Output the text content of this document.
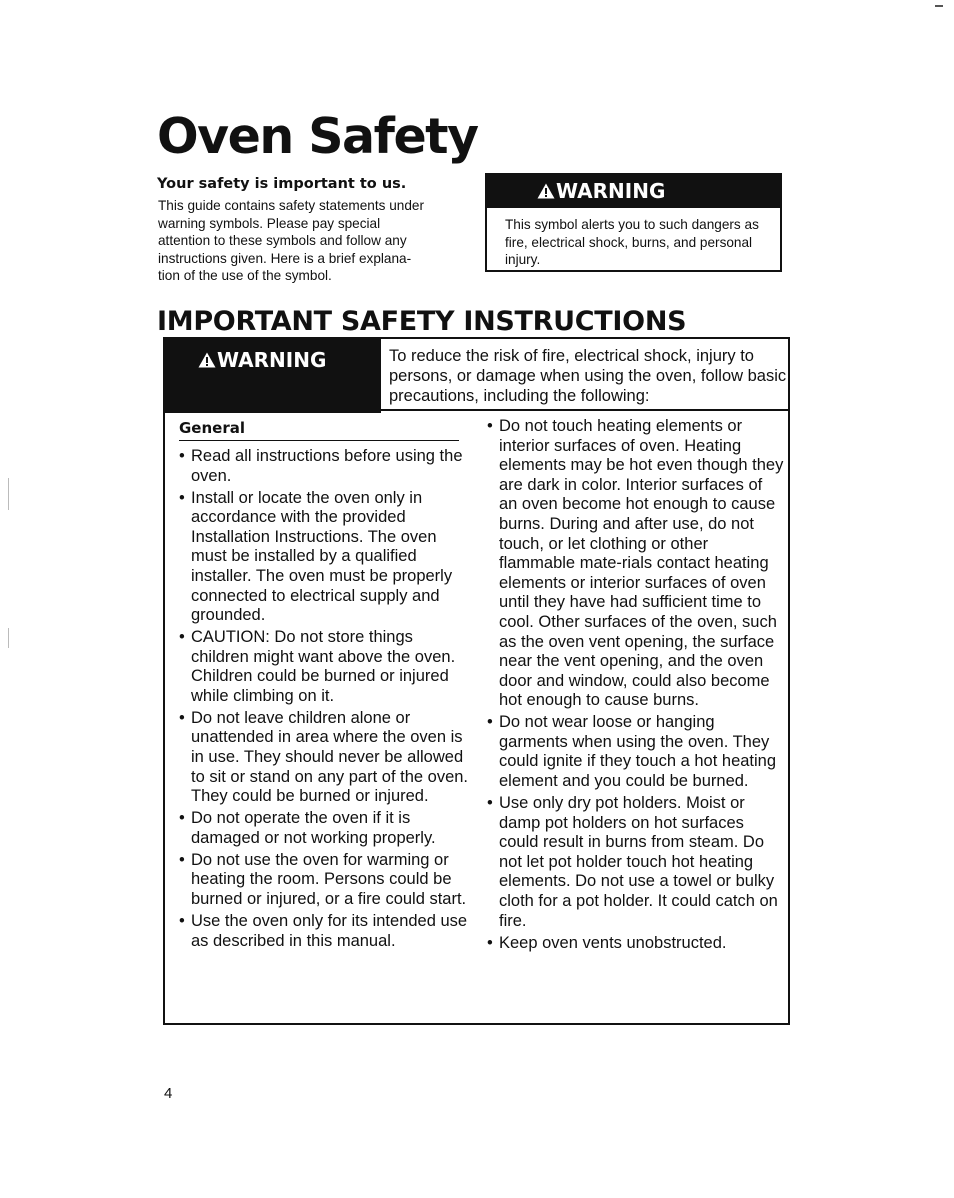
Oven Safety
Your safety is important to us.

This guide contains safety statements under
warning symbols. Please pay special
attention to these symbols and follow any
instructions given. Here is a brief explana-
tion of the use of the symbol.

WARNING
This symbol alerts you to such dangers as fire, electrical shock, burns, and personal injury.
IMPORTANT SAFETY INSTRUCTIONS
WARNING	To reduce the risk of fire, electrical shock, injury to persons, or damage when using the oven, follow basic precautions, including the following:
General
• Read all instructions before using the oven.
• Install or locate the oven only in accordance with the provided Installation Instructions. The oven must be installed by a qualified installer. The oven must be properly connected to electrical supply and grounded.
• CAUTION: Do not store things children might want above the oven. Children could be burned or injured while climbing on it.
• Do not leave children alone or unattended in area where the oven is in use. They should never be allowed to sit or stand on any part of the oven. They could be burned or injured.
• Do not operate the oven if it is damaged or not working properly.
• Do not use the oven for warming or heating the room. Persons could be burned or injured, or a fire could start.
• Use the oven only for its intended use as described in this manual.
• Do not touch heating elements or interior surfaces of oven. Heating elements may be hot even though they are dark in color. Interior surfaces of an oven become hot enough to cause burns. During and after use, do not touch, or let clothing or other flammable mate-rials contact heating elements or interior surfaces of oven until they have had sufficient time to cool. Other surfaces of the oven, such as the oven vent opening, the surface near the vent opening, and the oven door and window, could also become hot enough to cause burns.
• Do not wear loose or hanging garments when using the oven. They could ignite if they touch a hot heating element and you could be burned.
• Use only dry pot holders. Moist or damp pot holders on hot surfaces could result in burns from steam. Do not let pot holder touch hot heating elements. Do not use a towel or bulky cloth for a pot holder. It could catch on fire.
• Keep oven vents unobstructed.
4
